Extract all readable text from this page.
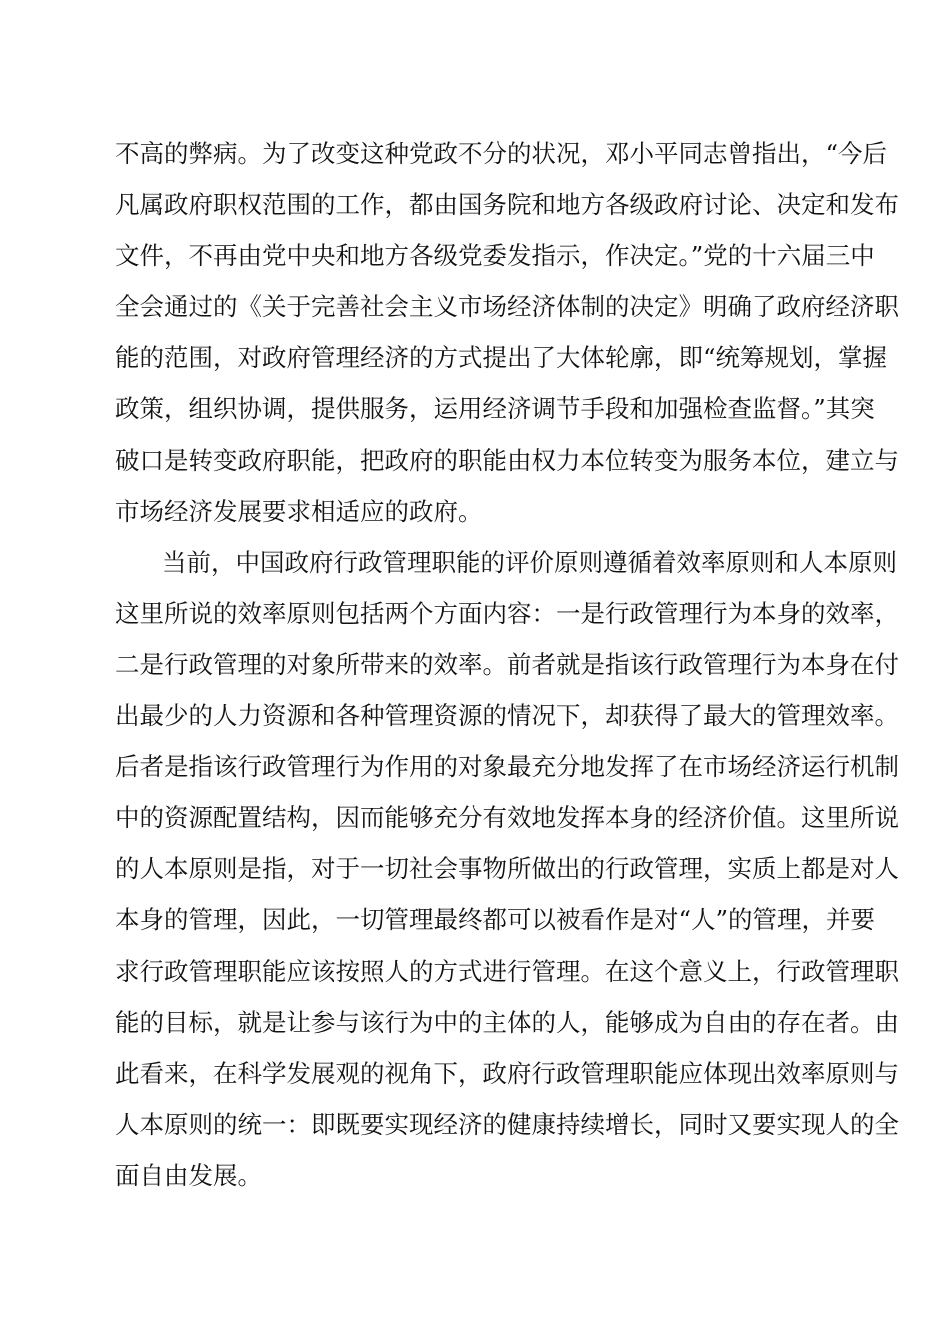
不高的弊病。为了改变这种党政不分的状况，邓小平同志曾指出，“今后
凡属政府职权范围的工作，都由国务院和地方各级政府讨论、决定和发布
文件，不再由党中央和地方各级党委发指示，作决定。”党的十六届三中
全会通过的《关于完善社会主义市场经济体制的决定》明确了政府经济职
能的范围，对政府管理经济的方式提出了大体轮廓，即“统筹规划，掌握
政策，组织协调，提供服务，运用经济调节手段和加强检查监督。”其突
破口是转变政府职能，把政府的职能由权力本位转变为服务本位，建立与
市场经济发展要求相适应的政府。
当前，中国政府行政管理职能的评价原则遵循着效率原则和人本原则
这里所说的效率原则包括两个方面内容：一是行政管理行为本身的效率，
二是行政管理的对象所带来的效率。前者就是指该行政管理行为本身在付
出最少的人力资源和各种管理资源的情况下，却获得了最大的管理效率。
后者是指该行政管理行为作用的对象最充分地发挥了在市场经济运行机制
中的资源配置结构，因而能够充分有效地发挥本身的经济价值。这里所说
的人本原则是指，对于一切社会事物所做出的行政管理，实质上都是对人
本身的管理，因此，一切管理最终都可以被看作是对“人”的管理，并要
求行政管理职能应该按照人的方式进行管理。在这个意义上，行政管理职
能的目标，就是让参与该行为中的主体的人，能够成为自由的存在者。由
此看来，在科学发展观的视角下，政府行政管理职能应体现出效率原则与
人本原则的统一：即既要实现经济的健康持续增长，同时又要实现人的全
面自由发展。
